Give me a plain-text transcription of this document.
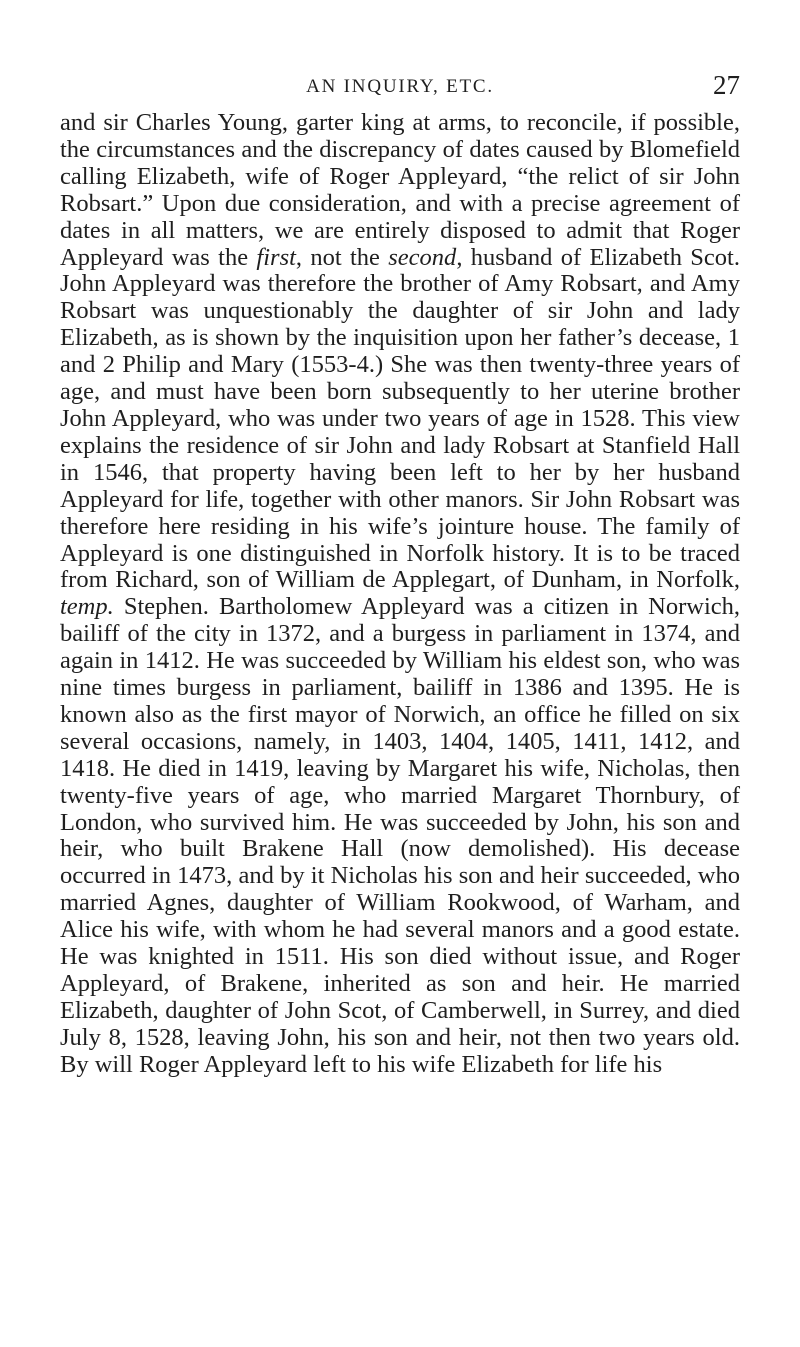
AN INQUIRY, ETC.	27

and sir Charles Young, garter king at arms, to reconcile, if possible, the circumstances and the discrepancy of dates caused by Blomefield calling Elizabeth, wife of Roger Appleyard, “the relict of sir John Robsart.” Upon due consideration, and with a precise agreement of dates in all matters, we are entirely disposed to admit that Roger Appleyard was the first, not the second, husband of Elizabeth Scot. John Appleyard was therefore the brother of Amy Robsart, and Amy Robsart was unquestionably the daughter of sir John and lady Elizabeth, as is shown by the inquisition upon her father’s decease, 1 and 2 Philip and Mary (1553-4.) She was then twenty-three years of age, and must have been born subsequently to her uterine brother John Appleyard, who was under two years of age in 1528. This view explains the residence of sir John and lady Robsart at Stanfield Hall in 1546, that property having been left to her by her husband Appleyard for life, together with other manors. Sir John Robsart was therefore here residing in his wife’s jointure house. The family of Appleyard is one distinguished in Norfolk history. It is to be traced from Richard, son of William de Applegart, of Dunham, in Norfolk, temp. Stephen. Bartholomew Appleyard was a citizen in Norwich, bailiff of the city in 1372, and a burgess in parliament in 1374, and again in 1412. He was succeeded by William his eldest son, who was nine times burgess in parliament, bailiff in 1386 and 1395. He is known also as the first mayor of Norwich, an office he filled on six several occasions, namely, in 1403, 1404, 1405, 1411, 1412, and 1418. He died in 1419, leaving by Margaret his wife, Nicholas, then twenty-five years of age, who married Margaret Thornbury, of London, who survived him. He was succeeded by John, his son and heir, who built Brakene Hall (now demolished). His decease occurred in 1473, and by it Nicholas his son and heir succeeded, who married Agnes, daughter of William Rookwood, of Warham, and Alice his wife, with whom he had several manors and a good estate. He was knighted in 1511. His son died without issue, and Roger Appleyard, of Brakene, inherited as son and heir. He married Elizabeth, daughter of John Scot, of Camberwell, in Surrey, and died July 8, 1528, leaving John, his son and heir, not then two years old. By will Roger Appleyard left to his wife Elizabeth for life his
